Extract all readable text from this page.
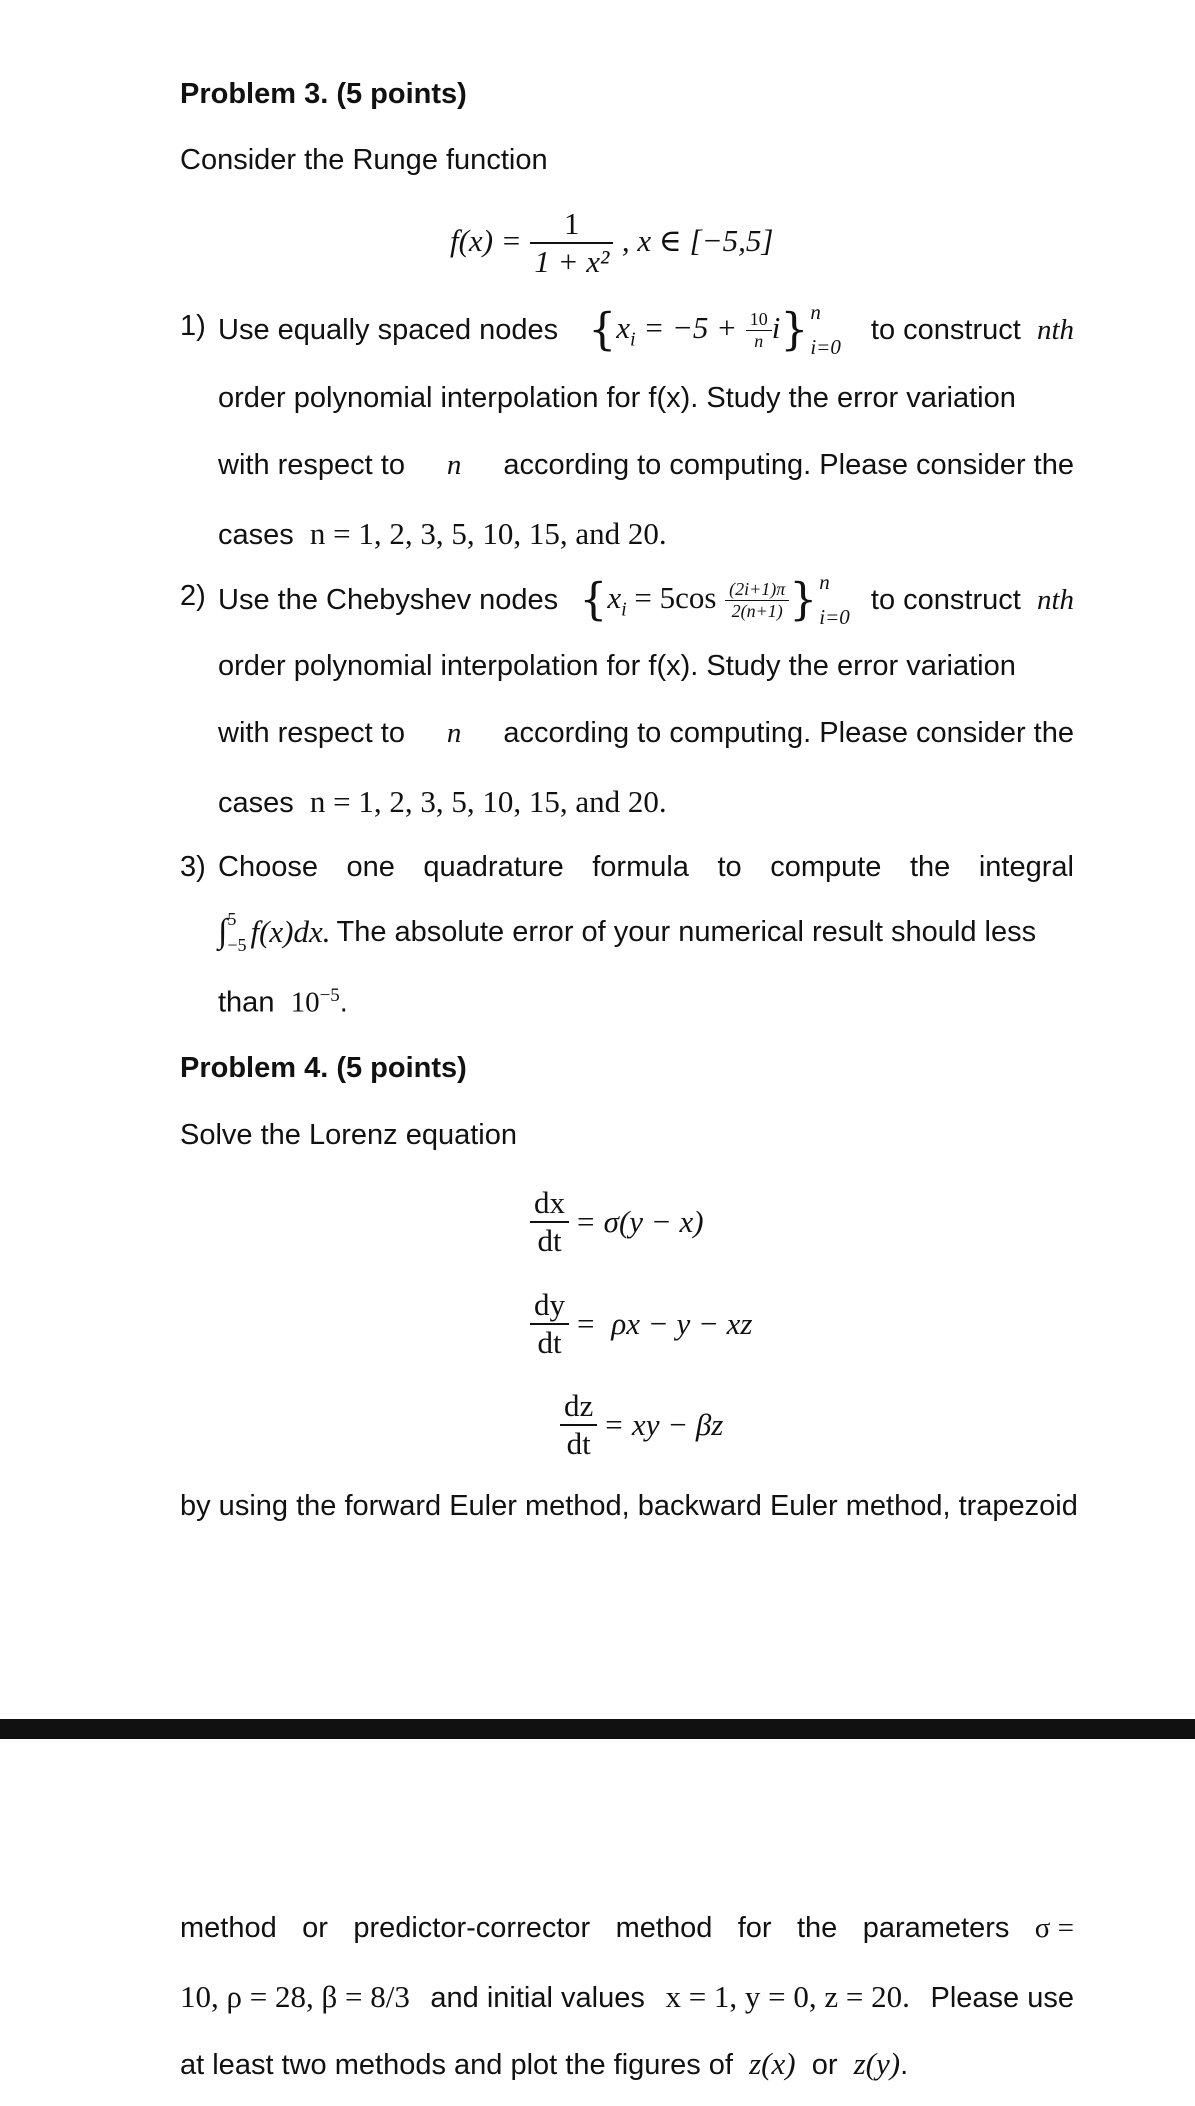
Problem 3. (5 points)
Consider the Runge function
$f(x) = \frac{1}{\text{1 + x²}}$ , x ∈ [−5,5]
1) Use equally spaced nodes $\{x_i = -5 + \frac{10}{n} i\}$ n
i=0
to construct nth
order polynomial interpolation for f(x). Study the error variation
with respect to n according to computing. Please consider the
cases n = 1, 2, 3, 5, 10, 15, and 20.
2) Use the Chebyshev nodes {$x_i = 5\cos \frac{(2i+1)\pi}{2(n+1)}$ } n
i=0
to construct nth
order polynomial interpolation for f(x). Study the error variation
with respect to n according to computing. Please consider the
cases n = 1, 2, 3, 5, 10, 15, and 20.
3) Choose one quadrature formula to compute the integral
∫ 5
−5 f(x)dx. The absolute error of your numerical result should less
than $10^{-5}$.
Problem 4. (5 points)
Solve the Lorenz equation
$\frac{dx}{dt} = \sigma(y - x)$
$\frac{dy}{dt} = \rho x - y$ − xz
$\frac{dz}{dt}$ = xy − βz
by using the forward Euler method, backward Euler method, trapezoid
method or predictor-corrector method for the parameters σ =
10, ρ = 28, β = 8/3 and initial values x = 1, y = 0, z = 20. Please use
at least two methods and plot the figures of z(x) or z(y).
